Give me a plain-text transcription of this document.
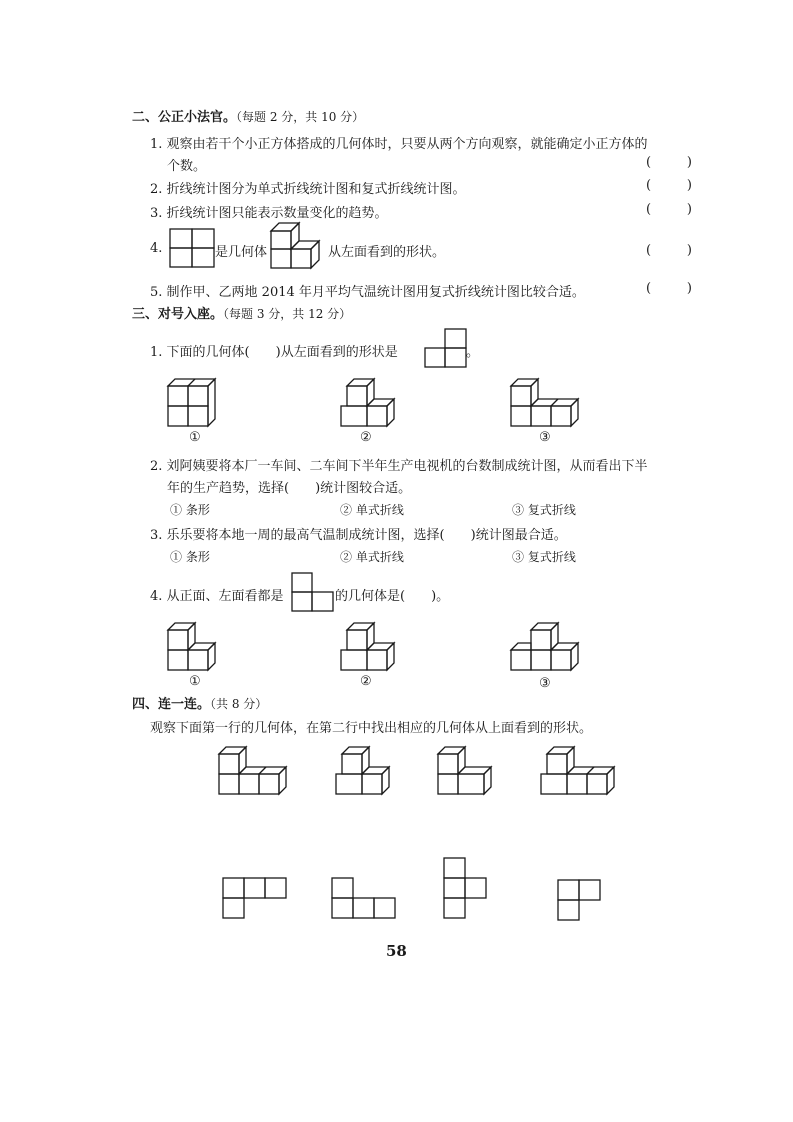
二、公正小法官。（每题 2 分，共 10 分）
1. 观察由若干个小正方体搭成的几何体时，只要从两个方向观察，就能确定小正方体的
个数。	(	)
2. 折线统计图分为单式折线统计图和复式折线统计图。	(	)
3. 折线统计图只能表示数量变化的趋势。	(	)
4.	是几何体	从左面看到的形状。	(	)
5. 制作甲、乙两地 2014 年月平均气温统计图用复式折线统计图比较合适。	(	)
三、对号入座。（每题 3 分，共 12 分）
1. 下面的几何体(　　)从左面看到的形状是	。
①	②	③
2. 刘阿姨要将本厂一车间、二车间下半年生产电视机的台数制成统计图，从而看出下半
年的生产趋势，选择(　　)统计图较合适。
① 条形	② 单式折线	③ 复式折线
3. 乐乐要将本地一周的最高气温制成统计图，选择(　　)统计图最合适。
① 条形	② 单式折线	③ 复式折线
4. 从正面、左面看都是	的几何体是(　　)。
①	②	③
四、连一连。（共 8 分）
观察下面第一行的几何体，在第二行中找出相应的几何体从上面看到的形状。
58
